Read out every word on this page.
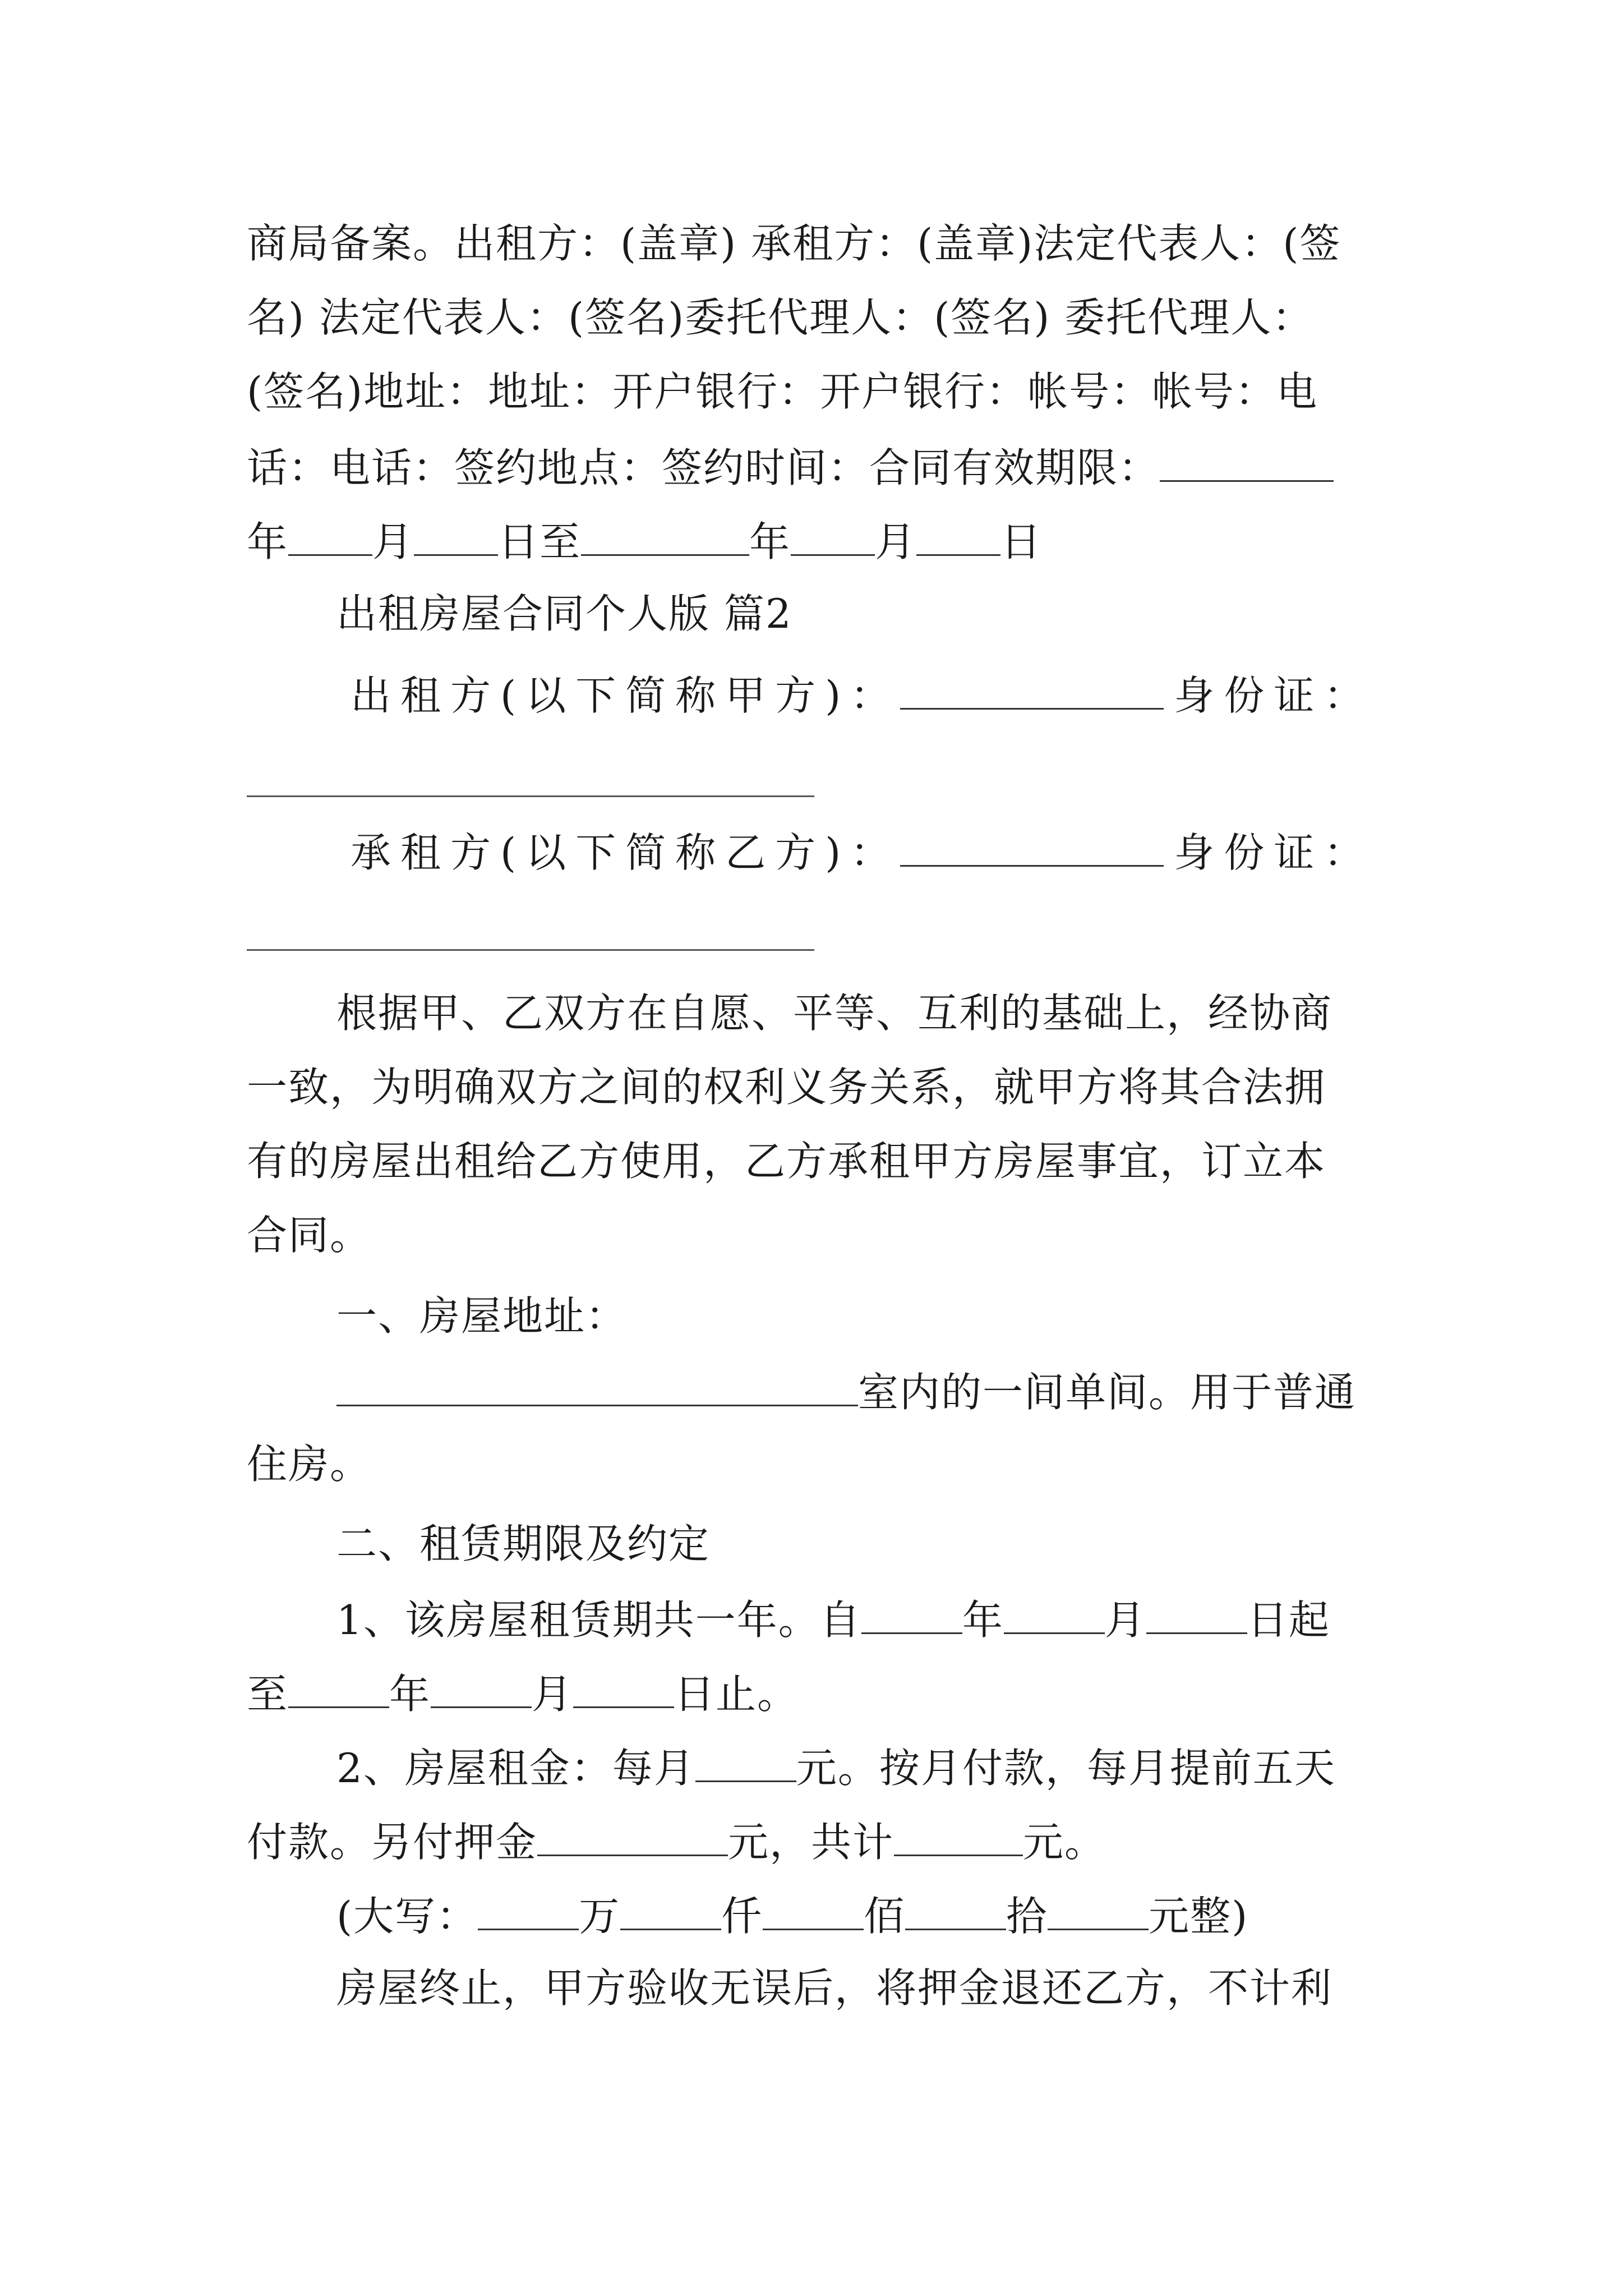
商局备案。出租方：(盖章) 承租方：(盖章)法定代表人：(签
名) 法定代表人：(签名)委托代理人：(签名) 委托代理人：
(签名)地址：地址：开户银行：开户银行：帐号：帐号：电
话：电话：签约地点：签约时间：合同有效期限：
年 月 日至	年 月 日
出租房屋合同个人版 篇2
出租方(以下简称甲方)：	身份证：
承租方(以下简称乙方)：	身份证：
根据甲、乙双方在自愿、平等、互利的基础上，经协商
一致，为明确双方之间的权利义务关系，就甲方将其合法拥
有的房屋出租给乙方使用，乙方承租甲方房屋事宜，订立本
合同。
一、房屋地址：
室内的一间单间。用于普通
住房。
二、租赁期限及约定
1、该房屋租赁期共一年。自	年	月	日起
至	年	月	日止。
2、房屋租金：每月	元。按月付款，每月提前五天
付款。另付押金	元，共计	元。
(大写：	万	仟	佰	拾	元整)
房屋终止，甲方验收无误后，将押金退还乙方，不计利
